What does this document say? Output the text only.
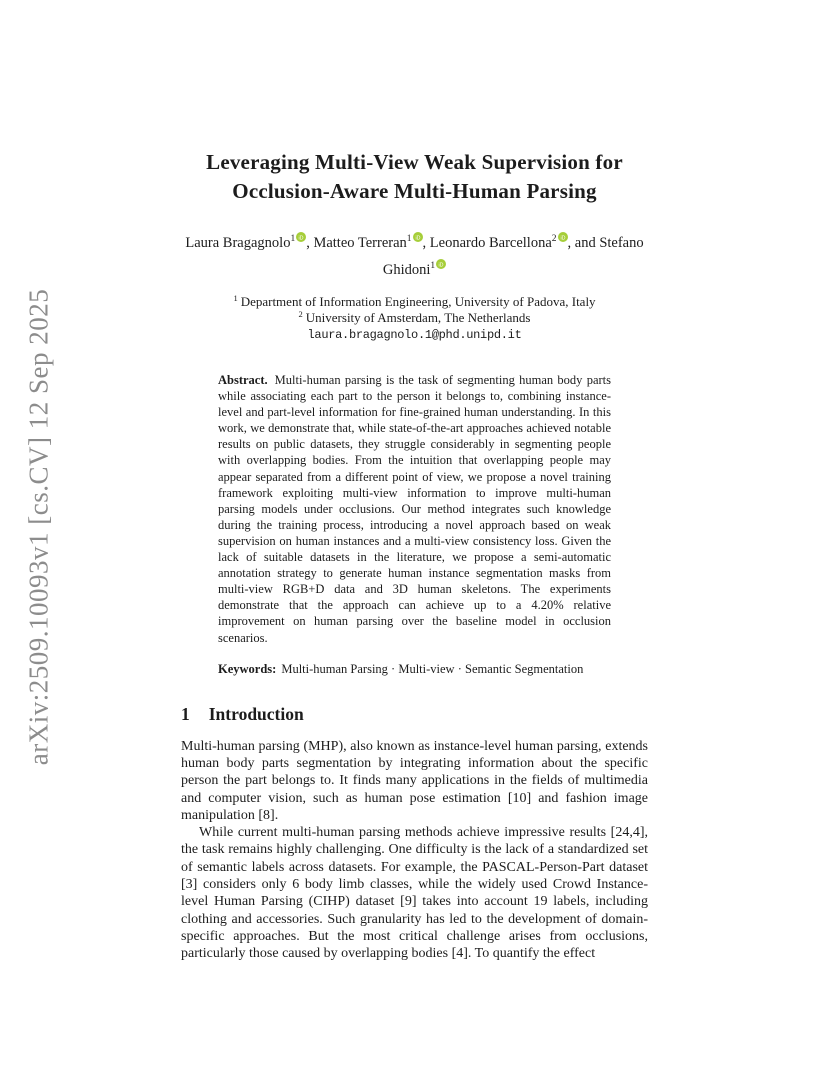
arXiv:2509.10093v1 [cs.CV] 12 Sep 2025
Leveraging Multi-View Weak Supervision for Occlusion-Aware Multi-Human Parsing
Laura Bragagnolo$^1$ iD , Matteo Terreran$^1$ iD , Leonardo Barcellona$^2$ iD , and Stefano Ghidoni$^1$ iD
$^1$ Department of Information Engineering, University of Padova, Italy
$^2$ University of Amsterdam, The Netherlands
laura.bragagnolo.1@phd.unipd.it

Abstract. Multi-human parsing is the task of segmenting human body parts while associating each part to the person it belongs to, combining instance-level and part-level information for fine-grained human understanding. In this work, we demonstrate that, while state-of-the-art approaches achieved notable results on public datasets, they struggle considerably in segmenting people with overlapping bodies. From the intuition that overlapping people may appear separated from a different point of view, we propose a novel training framework exploiting multi-view information to improve multi-human parsing models under occlusions. Our method integrates such knowledge during the training process, introducing a novel approach based on weak supervision on human instances and a multi-view consistency loss. Given the lack of suitable datasets in the literature, we propose a semi-automatic annotation strategy to generate human instance segmentation masks from multi-view RGB+D data and 3D human skeletons. The experiments demonstrate that the approach can achieve up to a 4.20% relative improvement on human parsing over the baseline model in occlusion scenarios.

Keywords: Multi-human Parsing · Multi-view · Semantic Segmentation

1 Introduction

Multi-human parsing (MHP), also known as instance-level human parsing, extends human body parts segmentation by integrating information about the specific person the part belongs to. It finds many applications in the fields of multimedia and computer vision, such as human pose estimation [10] and fashion image manipulation [8].

While current multi-human parsing methods achieve impressive results [24,4], the task remains highly challenging. One difficulty is the lack of a standardized set of semantic labels across datasets. For example, the PASCAL-Person-Part dataset [3] considers only 6 body limb classes, while the widely used Crowd Instance-level Human Parsing (CIHP) dataset [9] takes into account 19 labels, including clothing and accessories. Such granularity has led to the development of domain-specific approaches. But the most critical challenge arises from occlusions, particularly those caused by overlapping bodies [4]. To quantify the effect
